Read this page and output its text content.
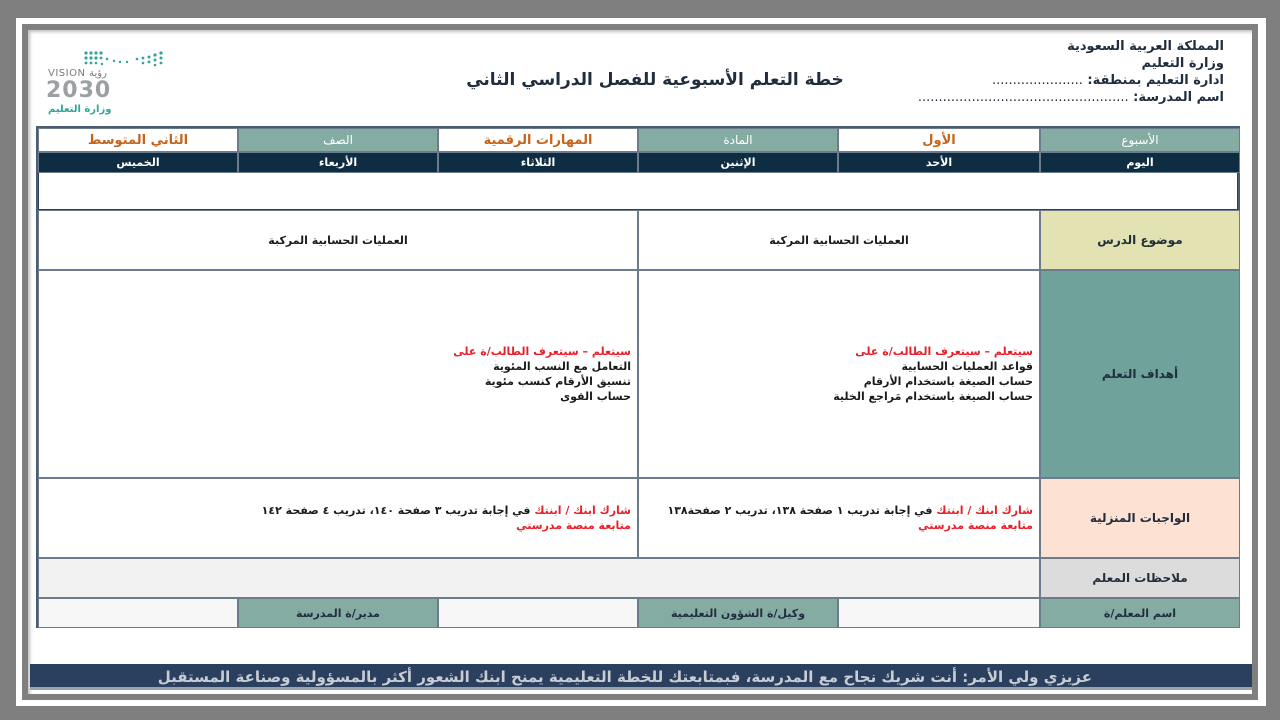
المملكة العربية السعودية
وزارة التعليم
ادارة التعليم بمنطقة: ......................
اسم المدرسة: ...................................................
خطة التعلم الأسبوعية للفصل الدراسي الثاني
VISION رؤية
2030
وزارة التعليم
الأسبوع
الأول
المادة
المهارات الرقمية
الصف
الثاني المتوسط
اليوم
الأحد
الإثنين
الثلاثاء
الأربعاء
الخميس
موضوع الدرس
العمليات الحسابية المركبة
العمليات الحسابية المركبة
أهداف التعلم
سيتعلم – سيتعرف الطالب/ة على
قواعد العمليات الحسابية
حساب الصيغة باستخدام الأرقام
حساب الصيغة باستخدام مَراجع الخلية
سيتعلم – سيتعرف الطالب/ة على
التعامل مع النسب المئوية
تنسيق الأرقام كنسب مئوية
حساب القوى
الواجبات المنزلية
شارك ابنك / ابنتك في إجابة تدريب ١ صفحة ١٣٨، تدريب ٢ صفحة١٣٨
متابعة منصة مدرستي
شارك ابنك / ابنتك في إجابة تدريب ٣ صفحة ١٤٠، تدريب ٤ صفحة ١٤٢
متابعة منصة مدرستي
ملاحظات المعلم
اسم المعلم/ة
وكيل/ة الشؤون التعليمية
مدير/ة المدرسة
عزيزي ولي الأمر: أنت شريك نجاح مع المدرسة، فبمتابعتك للخطة التعليمية يمنح ابنك الشعور أكثر بالمسؤولية وصناعة المستقبل
